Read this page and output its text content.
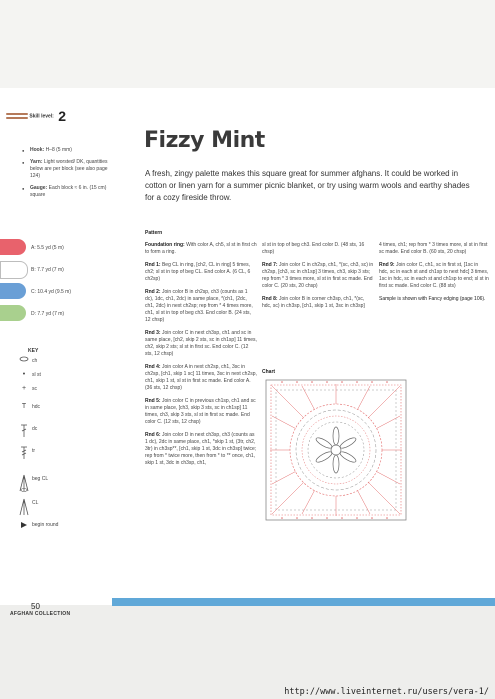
Skill level: 2
● Hook: H–8 (5 mm)
● Yarn: Light worsted/ DK, quantities below are per block (see also page 124)
● Gauge: Each block ≈ 6 in. (15 cm) square
A: 5.5 yd (5 m)
B: 7.7 yd (7 m)
C: 10.4 yd (9.5 m)
D: 7.7 yd (7 m)
KEY
ch
•	sl st
+	sc
T	hdc
dc
tr
beg CL
CL
begin round
50
AFGHAN COLLECTION
Fizzy Mint
A fresh, zingy palette makes this square great for summer afghans. It could be worked in cotton or linen yarn for a summer picnic blanket, or try using warm wools and earthy shades for a cozy fireside throw.
Pattern

Foundation ring: With color A, ch5, sl st in first ch to form a ring.

Rnd 1: Beg CL in ring, [ch2, CL in ring] 5 times, ch2; sl st in top of beg CL. End color A. (6 CL, 6 ch2sp)

Rnd 2: Join color B in ch2sp, ch3 (counts as 1 dc), 1dc, ch1, 2dc) in same place, *(ch1, (2dc, ch1, 2dc) in next ch2sp; rep from * 4 times more, ch1, sl st in top of beg ch3. End color B. (24 sts, 12 chsp)

Rnd 3: Join color C in next ch3sp, ch1 and sc in same place, [ch2, skip 2 sts, sc in ch1sp] 11 times, ch2, skip 2 sts; sl st in first sc. End color C. (12 sts, 12 chsp)

Rnd 4: Join color A in next ch2sp, ch1, 3sc in ch2sp, [ch1, skip 1 sc] 11 times, 3sc in next ch2sp, ch1, skip 1 st, sl st in first sc made. End color A. (36 sts, 12 chsp)

Rnd 5: Join color C in previous ch1sp, ch1 and sc in same place, [ch3, skip 3 sts, sc in ch1sp] 11 times, ch3, skip 3 sts, sl st in first sc made. End color C. (12 sts, 12 chsp)

Rnd 6: Join color D in next ch3sp, ch3 (counts as 1 dc), 2dc in same place, ch1, *skip 1 st, (3tr, ch2, 3tr) in ch3sp**, [ch1, skip 1 st, 3dc in ch3sp] twice; rep from * twice more, then from * to ** once, ch1, skip 1 st, 3dc in ch3sp, ch1,

sl st in top of beg ch3. End color D. (48 sts, 16 chsp)

Rnd 7: Join color C in ch2sp, ch1, *(sc, ch3, sc) in ch2sp, [ch3, sc in ch1sp] 3 times, ch3, skip 3 sts; rep from * 3 times more, sl st in first sc made. End color C. (20 sts, 20 chsp)

Rnd 8: Join color B in corner ch3sp, ch1, *(sc, hdc, sc) in ch3sp, [ch1, skip 1 st, 3sc in ch3sp]

4 times, ch1; rep from * 3 times more, sl st in first sc made. End color B. (60 sts, 20 chsp)

Rnd 9: Join color C, ch1, sc in first st, [1sc in hdc, sc in each st and ch1sp to next hdc] 3 times, 1sc in hdc, sc in each st and ch1sp to end; sl st in first sc made. End color C. (88 sts)

Sample is shown with Fancy edging (page 106).

Chart
http://www.liveinternet.ru/users/vera-1/
